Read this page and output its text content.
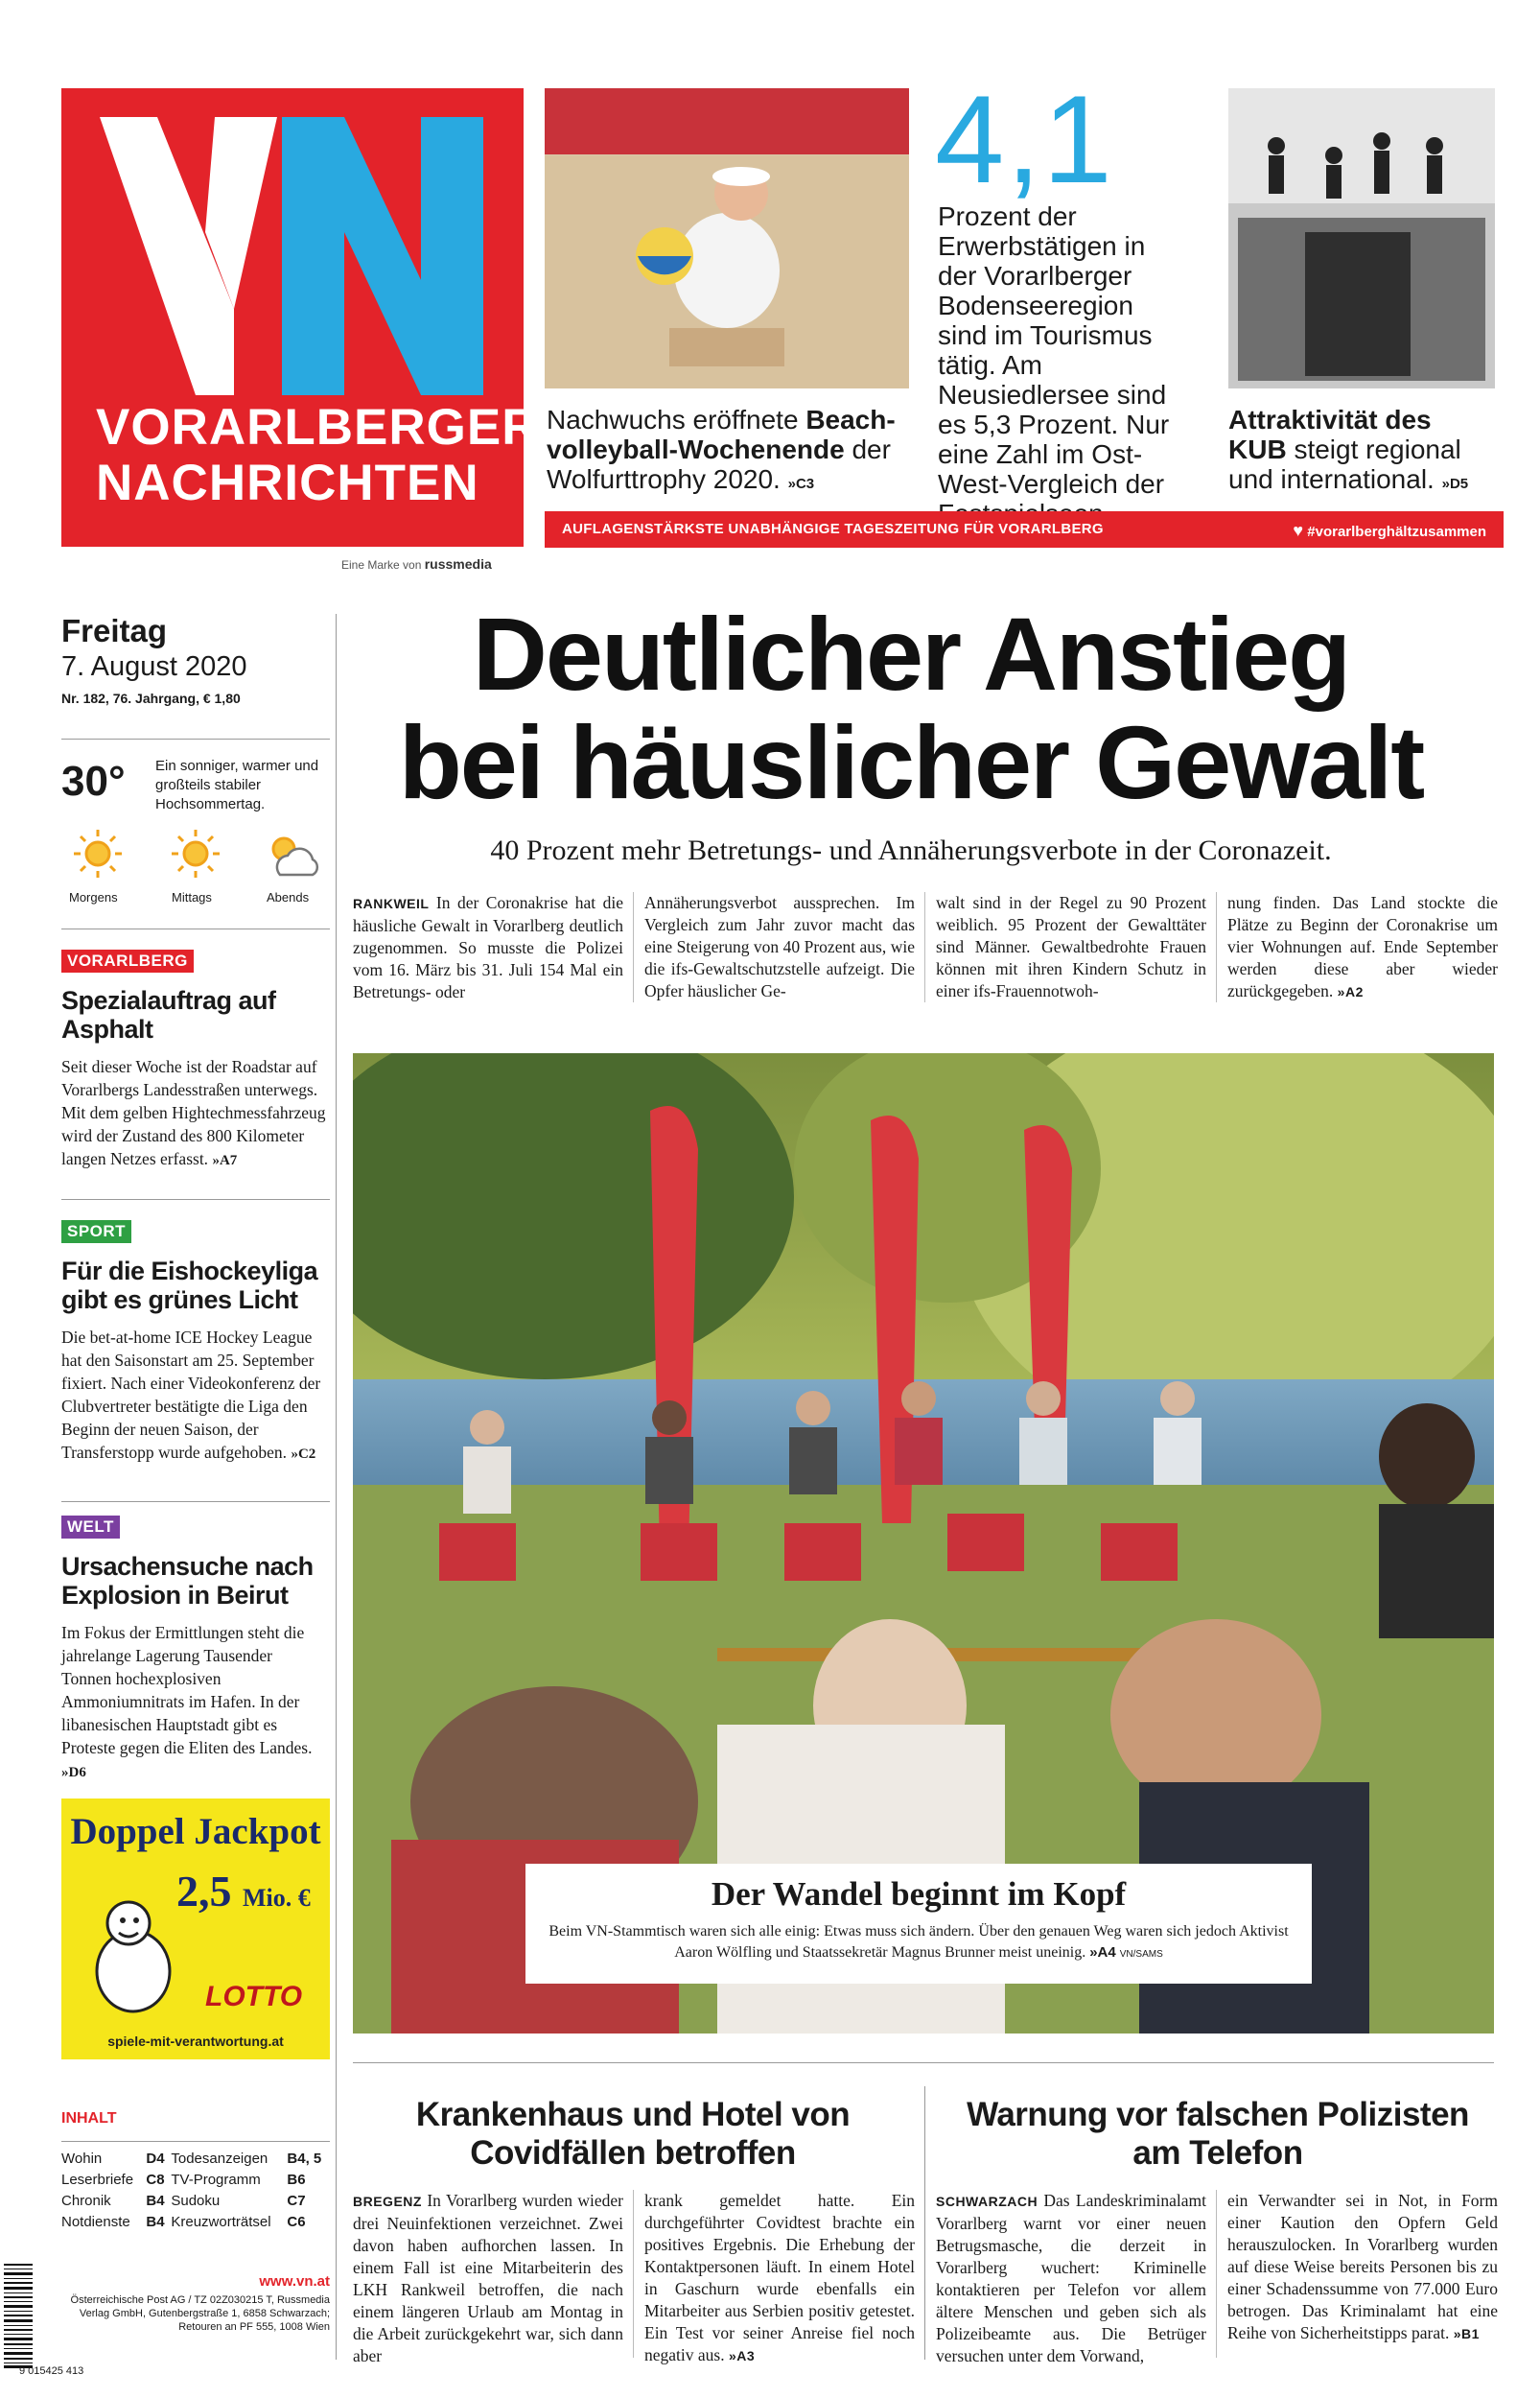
VORARLBERGER
NACHRICHTEN
Eine Marke von russmedia
Nachwuchs eröffnete Beachvolleyball-Wochenende der Wolfurttrophy 2020. »C3
4,1
Prozent der Erwerbstätigen in der Vorarlberger Bodenseeregion sind im Tourismus tätig. Am Neusiedlersee sind es 5,3 Prozent. Nur eine Zahl im Ost-West-Vergleich der
Attraktivität des KUB steigt regional und international. »D5
AUFLAGENSTÄRKSTE UNABHÄNGIGE TAGESZEITUNG FÜR VORARLBERG	♥ #vorarlberghältzusammen
Freitag
7. August 2020
Nr. 182, 76. Jahrgang, € 1,80
30° Ein sonniger, warmer und großteils stabiler Hochsommertag.
Morgens	Mittags	Abends
VORARLBERG
Spezialauftrag auf Asphalt
Seit dieser Woche ist der Roadstar auf Vorarlbergs Landesstraßen unterwegs. Mit dem gelben Hightechmessfahrzeug wird der Zustand des 800 Kilometer langen Netzes erfasst. »A7
SPORT
Für die Eishockeyliga gibt es grünes Licht
Die bet-at-home ICE Hockey League hat den Saisonstart am 25. September fixiert. Nach einer Videokonferenz der Clubvertreter bestätigte die Liga den Beginn der neuen Saison, der Transferstopp wurde aufgehoben. »C2
WELT
Ursachensuche nach Explosion in Beirut
Im Fokus der Ermittlungen steht die jahrelange Lagerung Tausender Tonnen hochexplosiven Ammoniumnitrats im Hafen. In der libanesischen Hauptstadt gibt es Proteste gegen die Eliten des Landes. »D6
Doppel Jackpot
2,5 Mio. €
LOTTO
spiele-mit-verantwortung.at
INHALT
Wohin	D4	Todesanzeigen	B4, 5
Leserbriefe	C8	TV-Programm	B6
Chronik	B4	Sudoku	C7
Notdienste	B4	Kreuzworträtsel	C6
9 015425 413
www.vn.at
Österreichische Post AG / TZ 02Z030215 T, Russmedia Verlag GmbH, Gutenbergstraße 1, 6858 Schwarzach; Retouren an PF 555, 1008 Wien
Deutlicher Anstieg
bei häuslicher Gewalt
40 Prozent mehr Betretungs- und Annäherungsverbote in der Coronazeit.
RANKWEIL In der Coronakrise hat die häusliche Gewalt in Vorarlberg deutlich zugenommen. So musste die Polizei vom 16. März bis 31. Juli 154 Mal ein Betretungs- oder
Annäherungsverbot aussprechen. Im Vergleich zum Jahr zuvor macht das eine Steigerung von 40 Prozent aus, wie die ifs-Gewaltschutzstelle aufzeigt. Die Opfer häuslicher Ge-
walt sind in der Regel zu 90 Prozent weiblich. 95 Prozent der Gewalttäter sind Männer. Gewaltbedrohte Frauen können mit ihren Kindern Schutz in einer ifs-Frauennotwoh-
nung finden. Das Land stockte die Plätze zu Beginn der Coronakrise um vier Wohnungen auf. Ende September werden diese aber wieder zurückgegeben. »A2
Der Wandel beginnt im Kopf
Beim VN-Stammtisch waren sich alle einig: Etwas muss sich ändern. Über den genauen Weg waren sich jedoch Aktivist Aaron Wölfling und Staatssekretär Magnus Brunner meist uneinig. »A4 VN/SAMS
Krankenhaus und Hotel von Covidfällen betroffen
BREGENZ In Vorarlberg wurden wieder drei Neuinfektionen verzeichnet. Zwei davon haben aufhorchen lassen. In einem Fall ist eine Mitarbeiterin des LKH Rankweil betroffen, die nach einem längeren Urlaub am Montag in die Arbeit zurückgekehrt war, sich dann aber
krank gemeldet hatte. Ein durchgeführter Covidtest brachte ein positives Ergebnis. Die Erhebung der Kontaktpersonen läuft. In einem Hotel in Gaschurn wurde ebenfalls ein Mitarbeiter aus Serbien positiv getestet. Ein Test vor seiner Anreise fiel noch negativ aus. »A3
Warnung vor falschen Polizisten am Telefon
SCHWARZACH Das Landeskriminalamt Vorarlberg warnt vor einer neuen Betrugsmasche, die derzeit in Vorarlberg wuchert: Kriminelle kontaktieren per Telefon vor allem ältere Menschen und geben sich als Polizeibeamte aus. Die Betrüger versuchen unter dem Vorwand,
ein Verwandter sei in Not, in Form einer Kaution den Opfern Geld herauszulocken. In Vorarlberg wurden auf diese Weise bereits Personen bis zu einer Schadenssumme von 77.000 Euro betrogen. Das Kriminalamt hat eine Reihe von Sicherheitstipps parat. »B1
